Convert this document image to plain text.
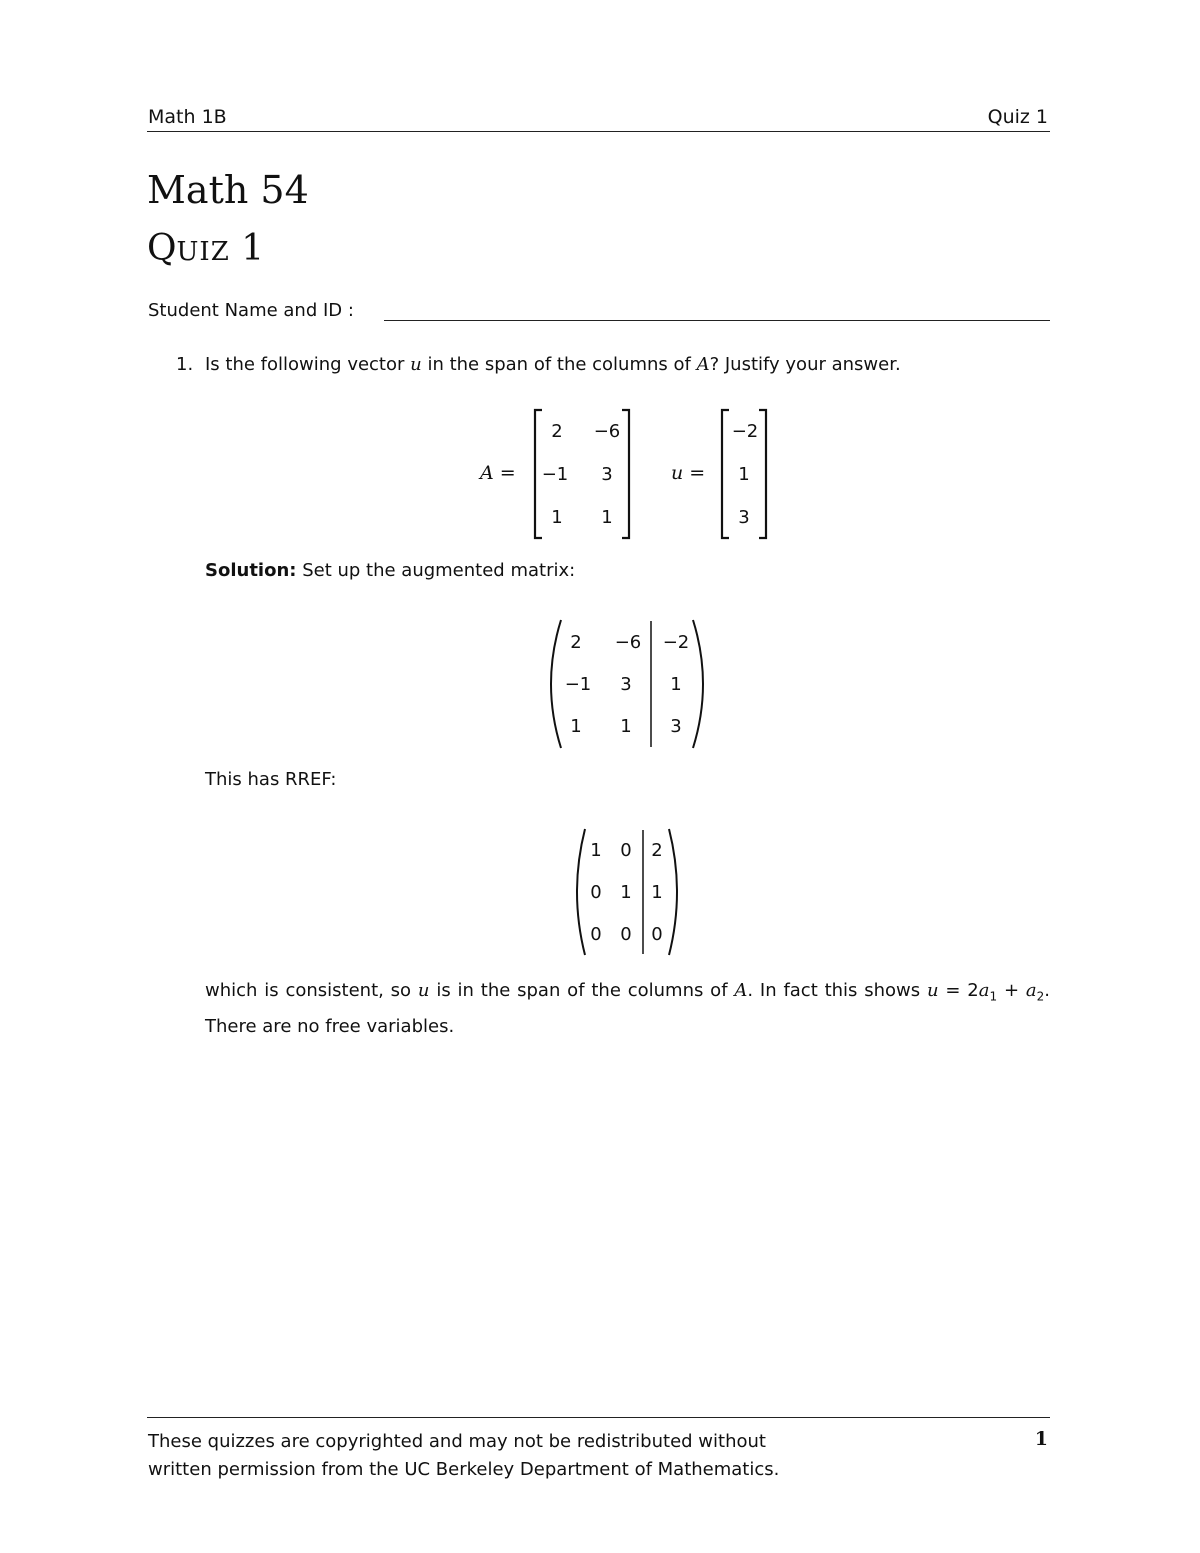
Math 1B	Quiz 1
Math 54
QUIZ 1
Student Name and ID :
1. Is the following vector u in the span of the columns of A? Justify your answer.
A =
2	−6
−1	3
1	1
u =
−2
1
3
Solution: Set up the augmented matrix:
2	−6	−2
−1	3	1
1	1	3
This has RREF:
1	0	2
0	1	1
0	0	0
which is consistent, so u is in the span of the columns of A. In fact this shows $u = 2a_1 + a_2$. There are no free variables.
These quizzes are copyrighted and may not be redistributed without
written permission from the UC Berkeley Department of Mathematics.
1
